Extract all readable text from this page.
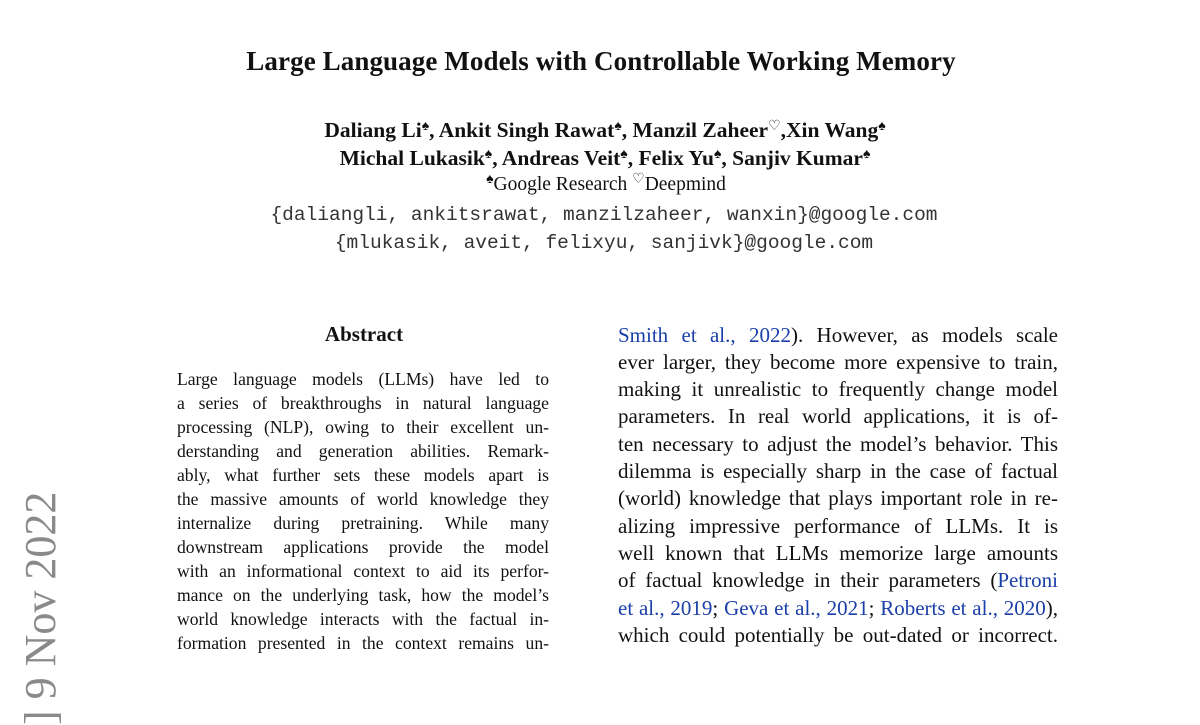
Large Language Models with Controllable Working Memory
Daliang Li♠, Ankit Singh Rawat♠, Manzil Zaheer♡,Xin Wang♠
Michal Lukasik♠, Andreas Veit♠, Felix Yu♠, Sanjiv Kumar♠
♠Google Research ♡Deepmind
{daliangli, ankitsrawat, manzilzaheer, wanxin}@google.com
{mlukasik, aveit, felixyu, sanjivk}@google.com
Abstract
Large language models (LLMs) have led to
a series of breakthroughs in natural language
processing (NLP), owing to their excellent un-
derstanding and generation abilities. Remark-
ably, what further sets these models apart is
the massive amounts of world knowledge they
internalize during pretraining. While many
downstream applications provide the model
with an informational context to aid its perfor-
mance on the underlying task, how the model’s
world knowledge interacts with the factual in-
formation presented in the context remains un-
Smith et al., 2022). However, as models scale
ever larger, they become more expensive to train,
making it unrealistic to frequently change model
parameters. In real world applications, it is of-
ten necessary to adjust the model’s behavior. This
dilemma is especially sharp in the case of factual
(world) knowledge that plays important role in re-
alizing impressive performance of LLMs. It is
well known that LLMs memorize large amounts
of factual knowledge in their parameters (Petroni
et al., 2019; Geva et al., 2021; Roberts et al., 2020),
which could potentially be out-dated or incorrect.
] 9 Nov 2022
